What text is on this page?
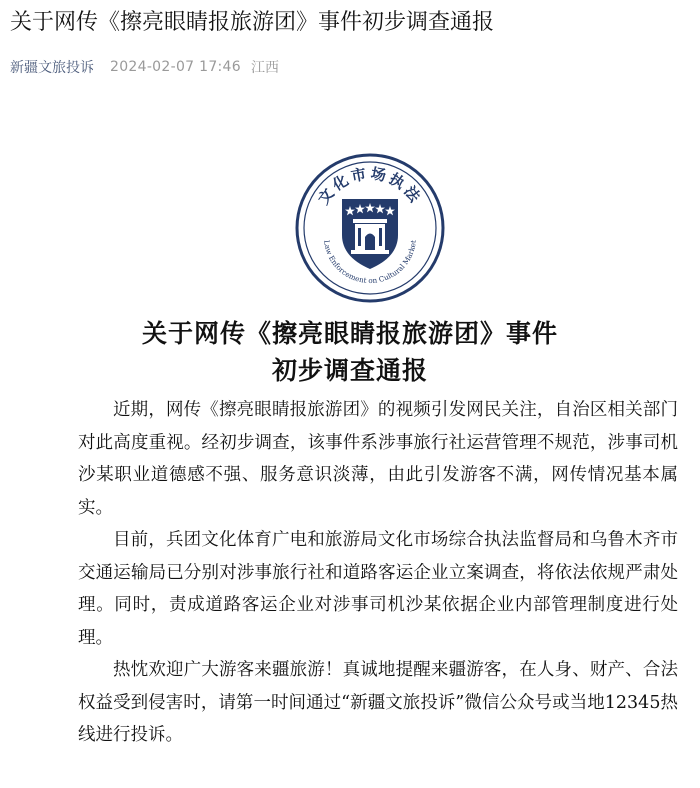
关于网传《擦亮眼睛报旅游团》事件初步调查通报
新疆文旅投诉 2024-02-07 17:46 江西
文化市场执法
Law Enforcement on Cultural Market
关于网传《擦亮眼睛报旅游团》事件
初步调查通报

近期，网传《擦亮眼睛报旅游团》的视频引发网民关注，自治区相关部门对此高度重视。经初步调查，该事件系涉事旅行社运营管理不规范，涉事司机沙某职业道德感不强、服务意识淡薄，由此引发游客不满，网传情况基本属实。

目前，兵团文化体育广电和旅游局文化市场综合执法监督局和乌鲁木齐市交通运输局已分别对涉事旅行社和道路客运企业立案调查，将依法依规严肃处理。同时，责成道路客运企业对涉事司机沙某依据企业内部管理制度进行处理。

热忱欢迎广大游客来疆旅游！真诚地提醒来疆游客，在人身、财产、合法权益受到侵害时，请第一时间通过“新疆文旅投诉”微信公众号或当地12345热线进行投诉。
